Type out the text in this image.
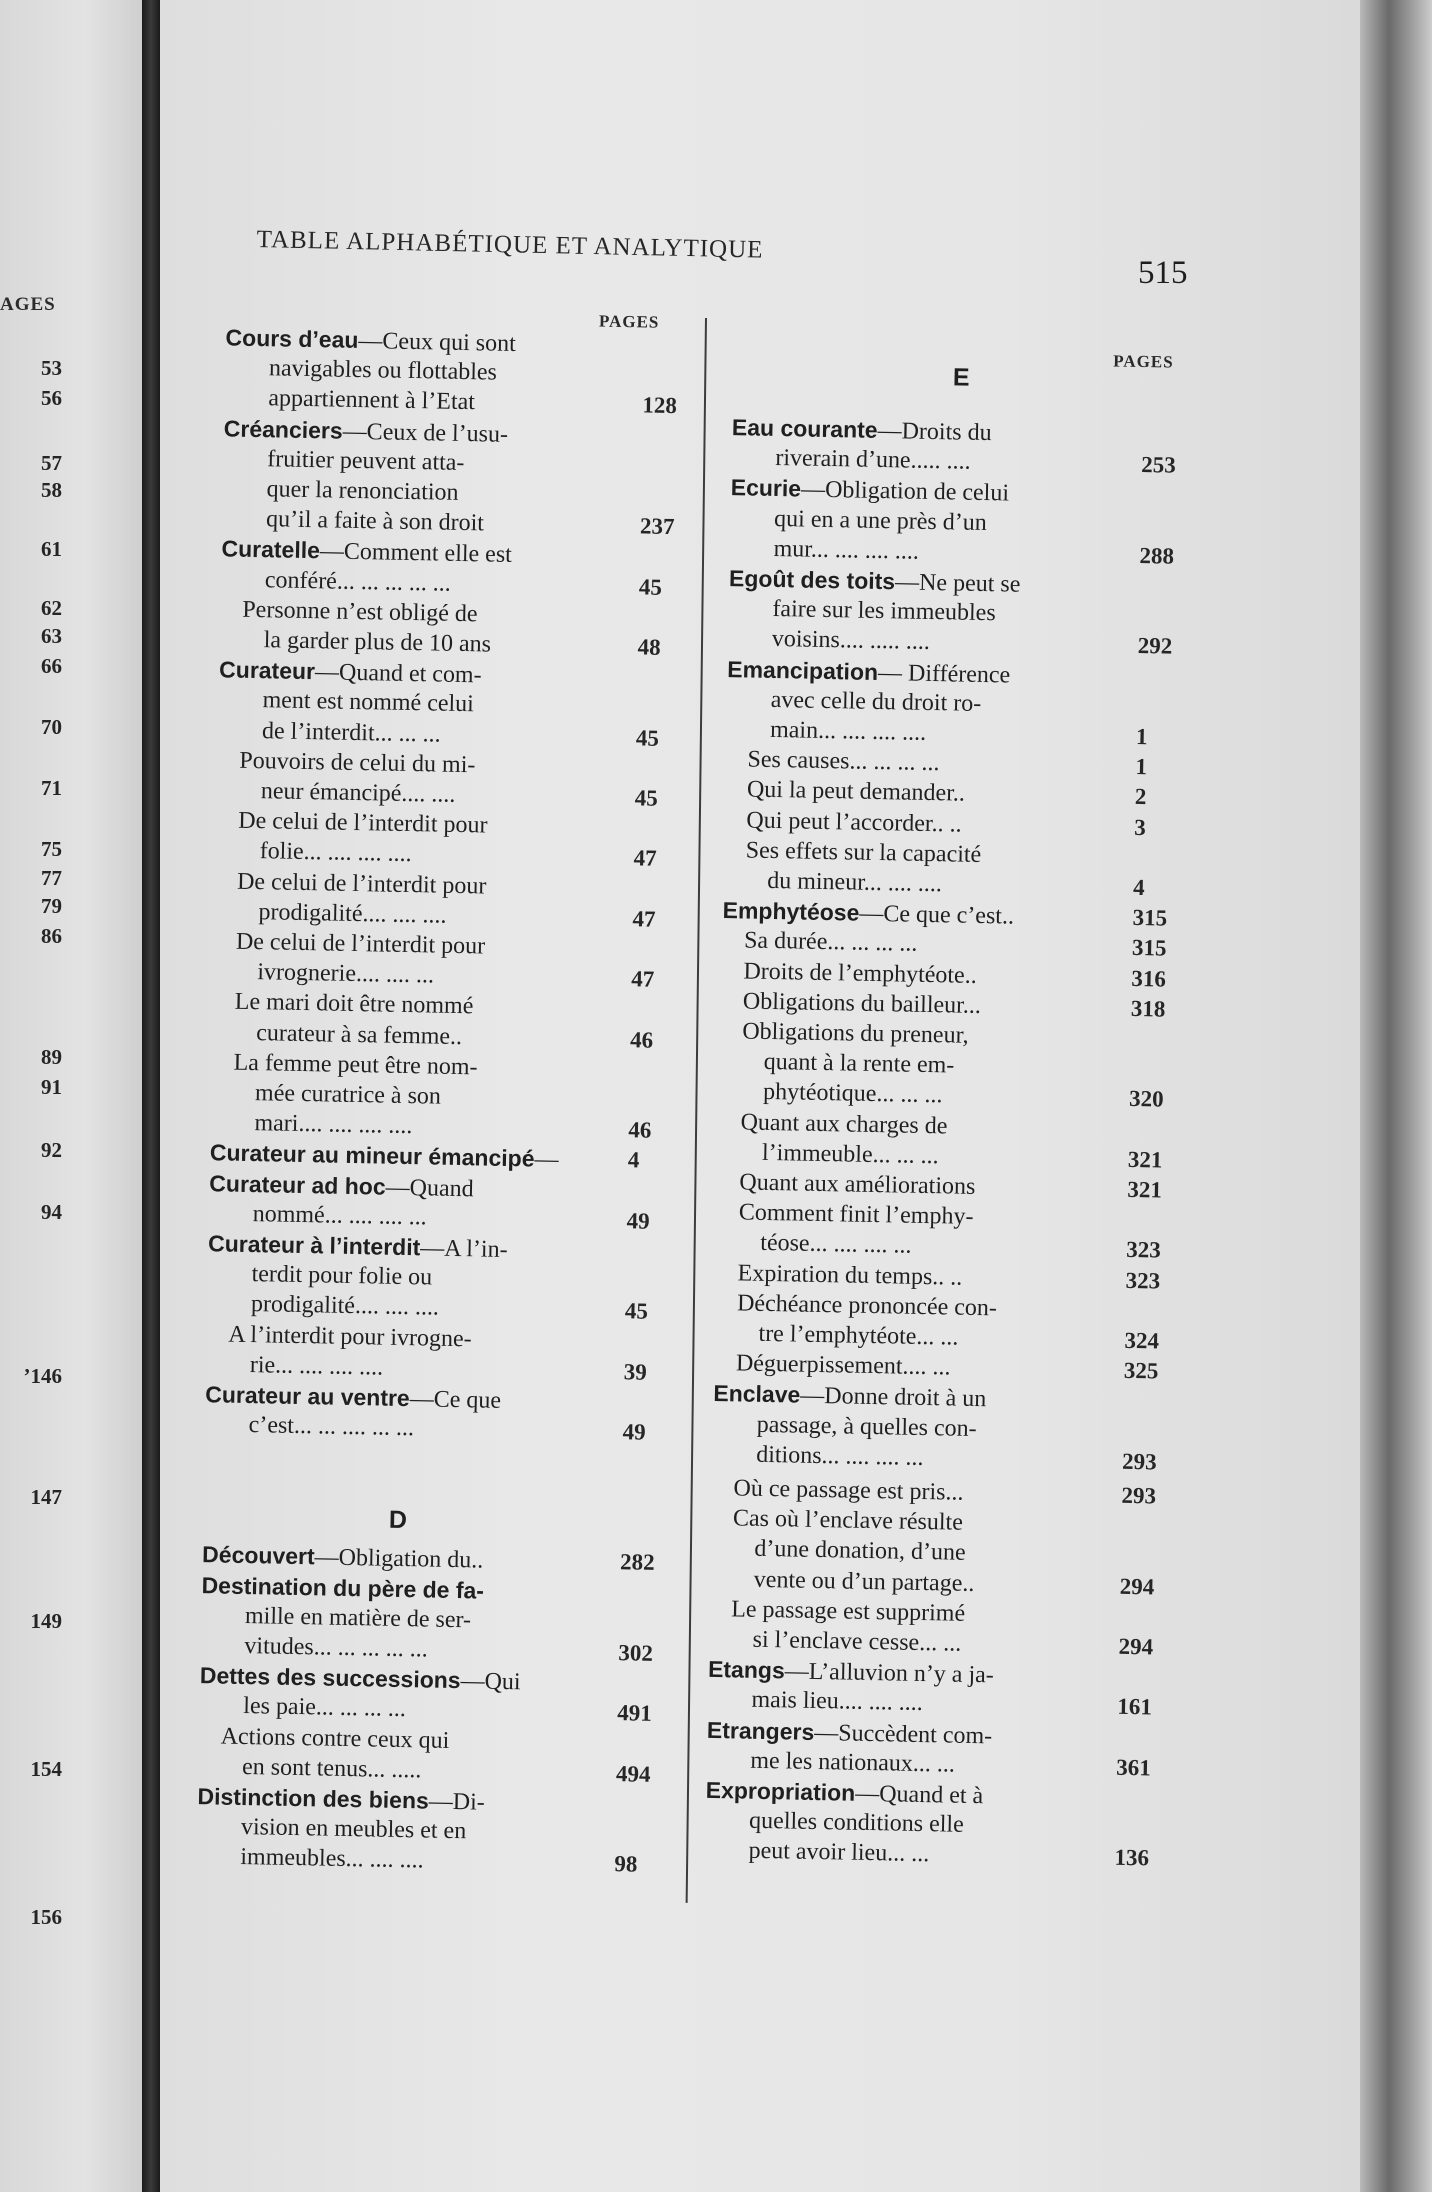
AGES
53
56
57
58
61
62
63
66
70
71
75
77
79
86
89
91
92
94
’146
147
149
154
156
TABLE ALPHABÉTIQUE ET ANALYTIQUE
515
PAGES
D
Cours d’eau—Ceux qui sont
navigables ou flottables
appartiennent à l’Etat	128
Créanciers—Ceux de l’usu-
fruitier peuvent atta-
quer la renonciation
qu’il a faite à son droit	237
Curatelle—Comment elle est
conféré... ... ... ... ...	45
Personne n’est obligé de
la garder plus de 10 ans	48
Curateur—Quand et com-
ment est nommé celui
de l’interdit... ... ...	45
Pouvoirs de celui du mi-
neur émancipé.... ....	45
De celui de l’interdit pour
folie... .... .... ....	47
De celui de l’interdit pour
prodigalité.... .... ....	47
De celui de l’interdit pour
ivrognerie.... .... ...	47
Le mari doit être nommé
curateur à sa femme..	46
La femme peut être nom-
mée curatrice à son
mari.... .... .... ....	46
Curateur au mineur émancipé—	4
Curateur ad hoc—Quand
nommé... .... .... ...	49
Curateur à l’interdit—A l’in-
terdit pour folie ou
prodigalité.... .... ....	45
A l’interdit pour ivrogne-
rie... .... .... ....	39
Curateur au ventre—Ce que
c’est... ... .... ... ...	49
Découvert—Obligation du..	282
Destination du père de fa-
mille en matière de ser-
vitudes... ... ... ... ...	302
Dettes des successions—Qui
les paie... ... ... ...	491
Actions contre ceux qui
en sont tenus... .....	494
Distinction des biens—Di-
vision en meubles et en
immeubles... .... ....	98
PAGES
E
Eau courante—Droits du
riverain d’une..... ....	253
Ecurie—Obligation de celui
qui en a une près d’un
mur... .... .... ....	288
Egoût des toits—Ne peut se
faire sur les immeubles
voisins.... ..... ....	292
Emancipation— Différence
avec celle du droit ro-
main... .... .... ....	1
Ses causes... ... ... ...	1
Qui la peut demander..	2
Qui peut l’accorder.. ..	3
Ses effets sur la capacité
du mineur... .... ....	4
Emphytéose—Ce que c’est..	315
Sa durée... ... ... ...	315
Droits de l’emphytéote..	316
Obligations du bailleur...	318
Obligations du preneur,
quant à la rente em-
phytéotique... ... ...	320
Quant aux charges de
l’immeuble... ... ...	321
Quant aux améliorations	321
Comment finit l’emphy-
téose... .... .... ...	323
Expiration du temps.. ..	323
Déchéance prononcée con-
tre l’emphytéote... ...	324
Déguerpissement.... ...	325
Enclave—Donne droit à un
passage, à quelles con-
ditions... .... .... ...	293
Où ce passage est pris...	293
Cas où l’enclave résulte
d’une donation, d’une
vente ou d’un partage..	294
Le passage est supprimé
si l’enclave cesse... ...	294
Etangs—L’alluvion n’y a ja-
mais lieu.... .... ....	161
Etrangers—Succèdent com-
me les nationaux... ...	361
Expropriation—Quand et à
quelles conditions elle
peut avoir lieu... ...	136
